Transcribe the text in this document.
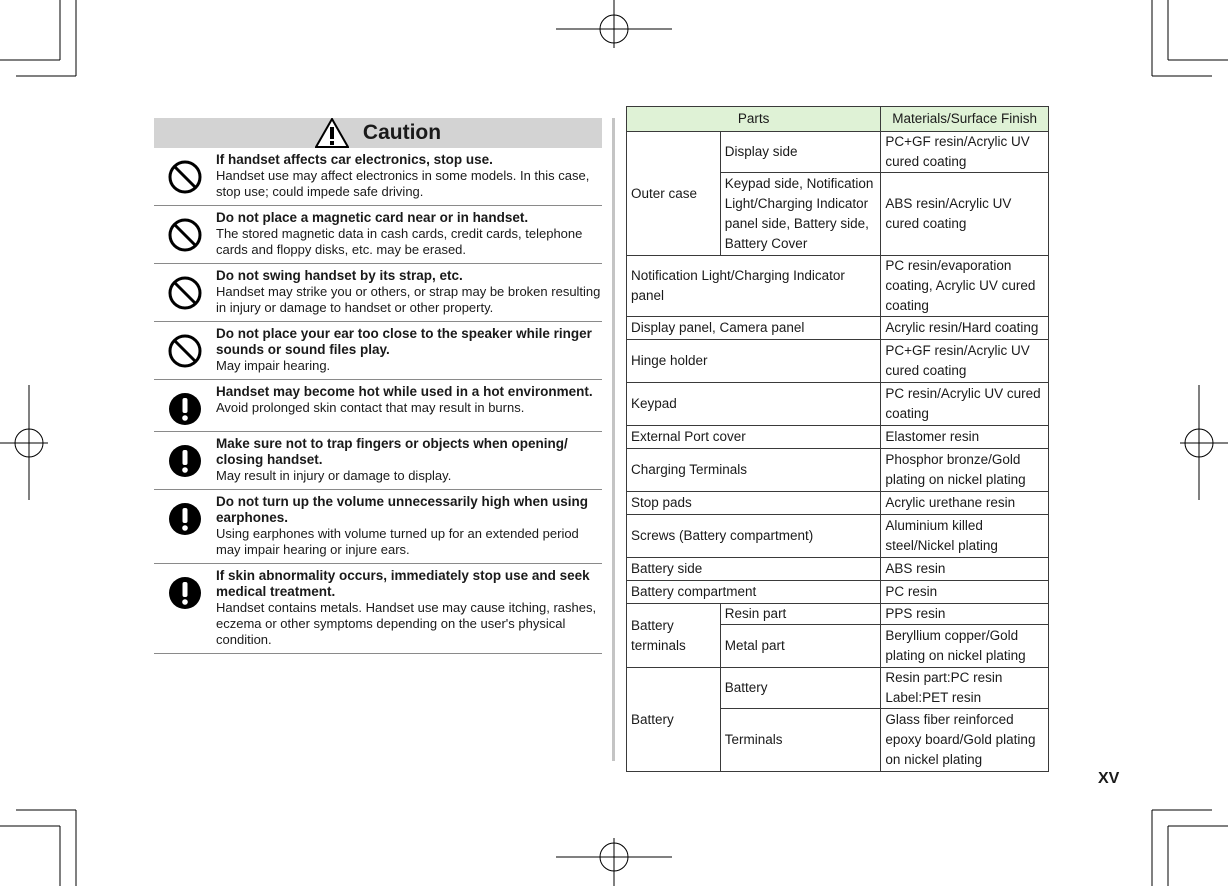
Caution
If handset affects car electronics, stop use.
Handset use may affect electronics in some models. In this case, stop use; could impede safe driving.
Do not place a magnetic card near or in handset.
The stored magnetic data in cash cards, credit cards, telephone cards and floppy disks, etc. may be erased.
Do not swing handset by its strap, etc.
Handset may strike you or others, or strap may be broken resulting in injury or damage to handset or other property.
Do not place your ear too close to the speaker while ringer sounds or sound files play.
May impair hearing.
Handset may become hot while used in a hot environment.
Avoid prolonged skin contact that may result in burns.
Make sure not to trap fingers or objects when opening/ closing handset.
May result in injury or damage to display.
Do not turn up the volume unnecessarily high when using earphones.
Using earphones with volume turned up for an extended period may impair hearing or injure ears.
If skin abnormality occurs, immediately stop use and seek medical treatment.
Handset contains metals. Handset use may cause itching, rashes, eczema or other symptoms depending on the user's physical condition.
Parts		Materials/Surface Finish
Outer case	Display side	PC+GF resin/Acrylic UV cured coating
	Keypad side, Notification Light/Charging Indicator panel side, Battery side, Battery Cover	ABS resin/Acrylic UV cured coating
Notification Light/Charging Indicator panel		PC resin/evaporation coating, Acrylic UV cured coating
Display panel, Camera panel		Acrylic resin/Hard coating
Hinge holder		PC+GF resin/Acrylic UV cured coating
Keypad		PC resin/Acrylic UV cured coating
External Port cover		Elastomer resin
Charging Terminals		Phosphor bronze/Gold plating on nickel plating
Stop pads		Acrylic urethane resin
Screws (Battery compartment)		Aluminium killed steel/Nickel plating
Battery side		ABS resin
Battery compartment		PC resin
Battery terminals	Resin part	PPS resin
	Metal part	Beryllium copper/Gold plating on nickel plating
Battery	Battery	Resin part:PC resin
Label:PET resin

	Terminals	Glass fiber reinforced epoxy board/Gold plating on nickel plating
XV
